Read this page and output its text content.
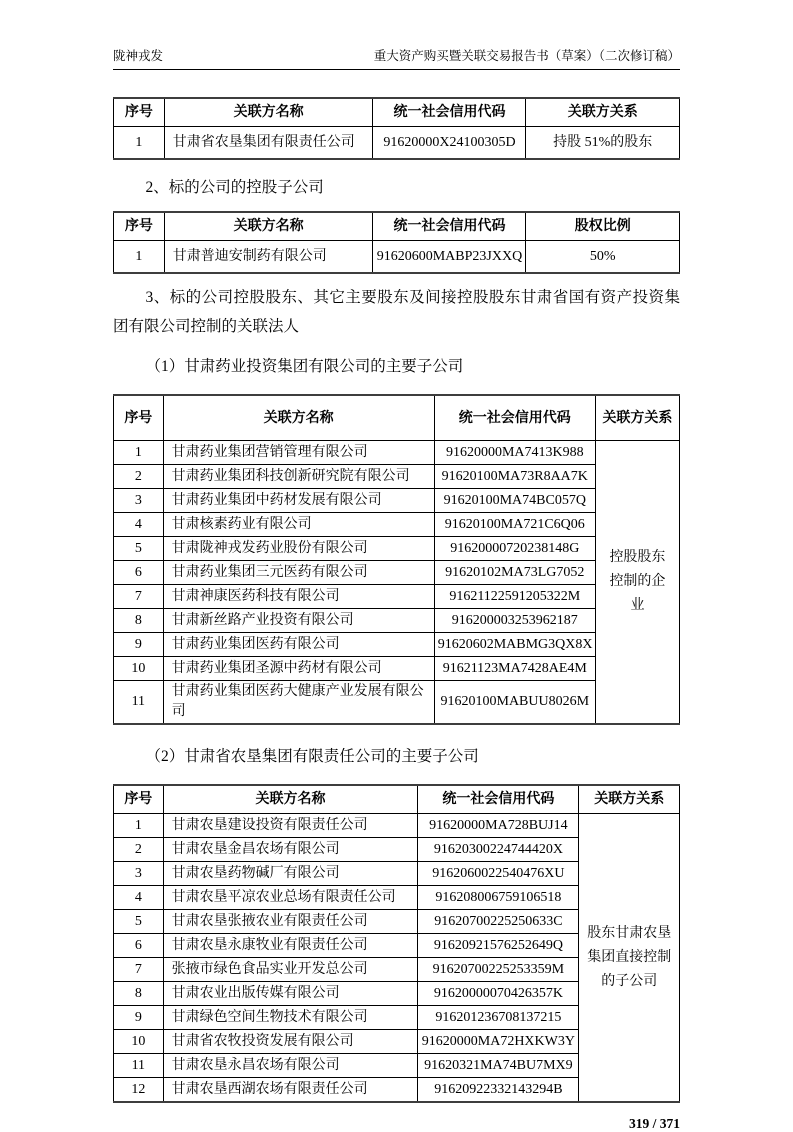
陇神戎发	重大资产购买暨关联交易报告书（草案）（二次修订稿）
序号	关联方名称	统一社会信用代码	关联方关系
1	甘肃省农垦集团有限责任公司	91620000X24100305D	持股 51%的股东

2、标的公司的控股子公司

序号	关联方名称	统一社会信用代码	股权比例
1	甘肃普迪安制药有限公司	91620600MABP23JXXQ	50%

3、标的公司控股股东、其它主要股东及间接控股股东甘肃省国有资产投资集团有限公司控制的关联法人

（1）甘肃药业投资集团有限公司的主要子公司

序号	关联方名称	统一社会信用代码	关联方关系
1	甘肃药业集团营销管理有限公司	91620000MA7413K988	控股股东控制的企业
2	甘肃药业集团科技创新研究院有限公司	91620100MA73R8AA7K	
3	甘肃药业集团中药材发展有限公司	91620100MA74BC057Q	
4	甘肃核素药业有限公司	91620100MA721C6Q06	
5	甘肃陇神戎发药业股份有限公司	91620000720238148G	
6	甘肃药业集团三元医药有限公司	91620102MA73LG7052	
7	甘肃神康医药科技有限公司	91621122591205322M	
8	甘肃新丝路产业投资有限公司	916200003253962187	
9	甘肃药业集团医药有限公司	91620602MABMG3QX8X	
10	甘肃药业集团圣源中药材有限公司	91621123MA7428AE4M	
11	甘肃药业集团医药大健康产业发展有限公司	91620100MABUU8026M	

（2）甘肃省农垦集团有限责任公司的主要子公司

序号	关联方名称	统一社会信用代码	关联方关系
1	甘肃农垦建设投资有限责任公司	91620000MA728BUJ14	股东甘肃农垦集团直接控制的子公司
2	甘肃农垦金昌农场有限公司	91620300224744420X	
3	甘肃农垦药物碱厂有限公司	9162060022540476XU	
4	甘肃农垦平凉农业总场有限责任公司	916208006759106518	
5	甘肃农垦张掖农业有限责任公司	91620700225250633C	
6	甘肃农垦永康牧业有限责任公司	91620921576252649Q	
7	张掖市绿色食品实业开发总公司	91620700225253359M	
8	甘肃农业出版传媒有限公司	91620000070426357K	
9	甘肃绿色空间生物技术有限公司	916201236708137215	
10	甘肃省农牧投资发展有限公司	91620000MA72HXKW3Y	
11	甘肃农垦永昌农场有限公司	91620321MA74BU7MX9	
12	甘肃农垦西湖农场有限责任公司	91620922332143294B	
319 / 371
